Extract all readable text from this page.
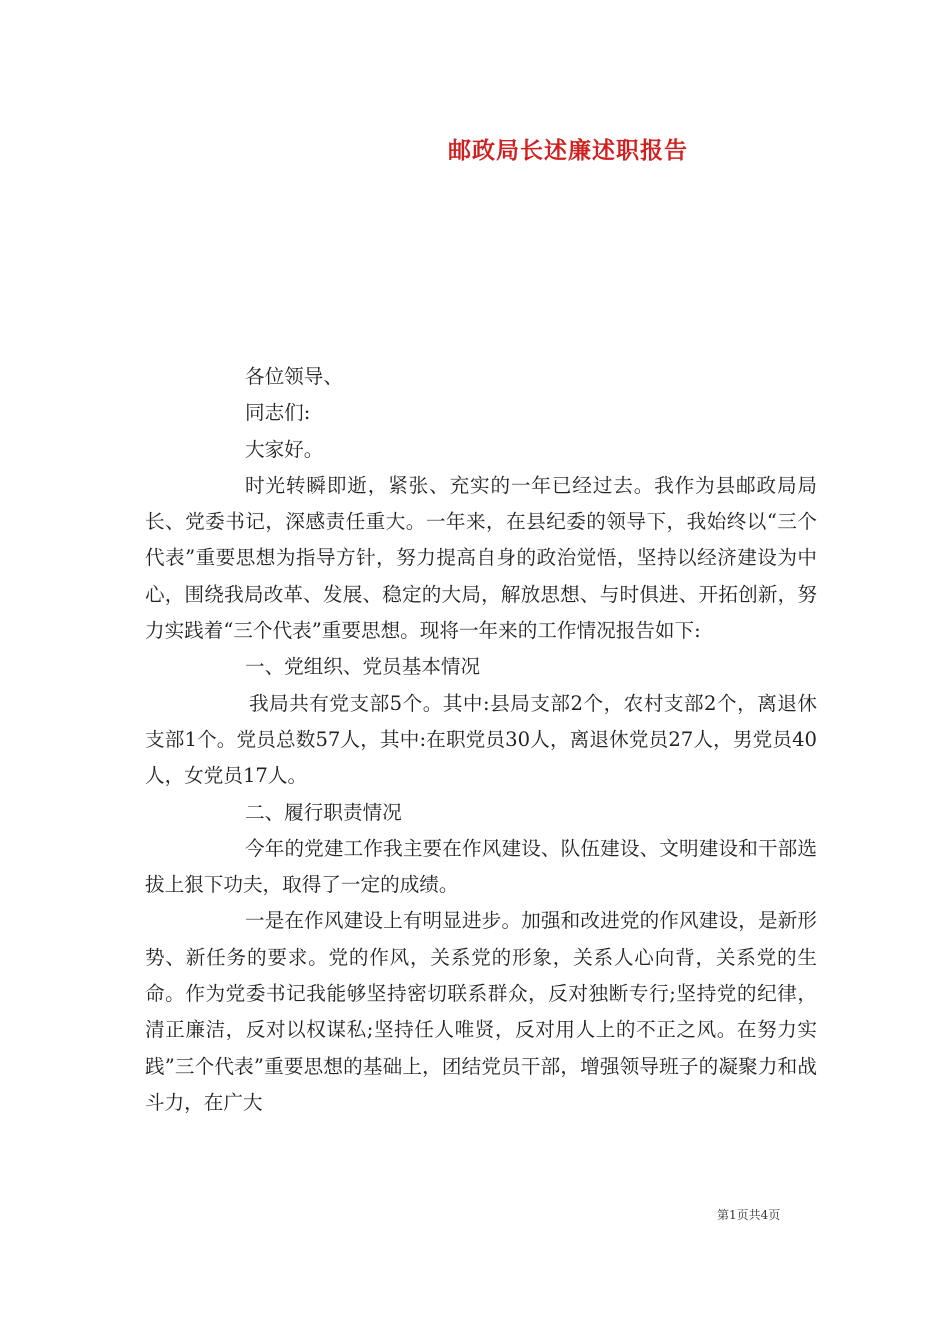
邮政局长述廉述职报告

各位领导、

同志们:

大家好。

时光转瞬即逝，紧张、充实的一年已经过去。我作为县邮政局局长、党委书记，深感责任重大。一年来，在县纪委的领导下，我始终以“三个代表”重要思想为指导方针，努力提高自身的政治觉悟，坚持以经济建设为中心，围绕我局改革、发展、稳定的大局，解放思想、与时俱进、开拓创新，努力实践着“三个代表”重要思想。现将一年来的工作情况报告如下:

一、党组织、党员基本情况

我局共有党支部5个。其中:县局支部2个，农村支部2个，离退休支部1个。党员总数57人，其中:在职党员30人，离退休党员27人，男党员40人，女党员17人。

二、履行职责情况

今年的党建工作我主要在作风建设、队伍建设、文明建设和干部选拔上狠下功夫，取得了一定的成绩。

一是在作风建设上有明显进步。加强和改进党的作风建设，是新形势、新任务的要求。党的作风，关系党的形象，关系人心向背，关系党的生命。作为党委书记我能够坚持密切联系群众，反对独断专行;坚持党的纪律，清正廉洁，反对以权谋私;坚持任人唯贤，反对用人上的不正之风。在努力实践”三个代表”重要思想的基础上，团结党员干部，增强领导班子的凝聚力和战斗力，在广大

第1页共4页
